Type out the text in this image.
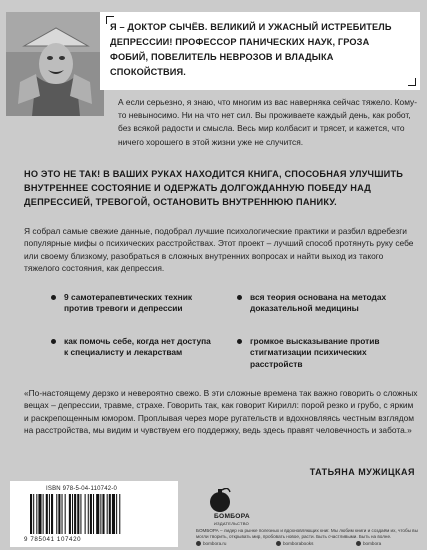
Я – ДОКТОР СЫЧЁВ. ВЕЛИКИЙ И УЖАСНЫЙ ИСТРЕБИТЕЛЬ ДЕПРЕССИИ! ПРОФЕССОР ПАНИЧЕСКИХ НАУК, ГРОЗА ФОБИЙ, ПОВЕЛИТЕЛЬ НЕВРОЗОВ И ВЛАДЫКА СПОКОЙСТВИЯ.

А если серьезно, я знаю, что многим из вас наверняка сейчас тяжело. Кому-то невыносимо. Ни на что нет сил. Вы проживаете каждый день, как робот, без всякой радости и смысла. Весь мир колбасит и трясет, и кажется, что ничего хорошего в этой жизни уже не случится.

НО ЭТО НЕ ТАК! В ВАШИХ РУКАХ НАХОДИТСЯ КНИГА, СПОСОБНАЯ УЛУЧШИТЬ ВНУТРЕННЕЕ СОСТОЯНИЕ И ОДЕРЖАТЬ ДОЛГОЖДАННУЮ ПОБЕДУ НАД ДЕПРЕССИЕЙ, ТРЕВОГОЙ, ОСТАНОВИТЬ ВНУТРЕННЮЮ ПАНИКУ.

Я собрал самые свежие данные, подобрал лучшие психологические практики и разбил вдребезги популярные мифы о психических расстройствах. Этот проект – лучший способ протянуть руку себе или своему близкому, разобраться в сложных внутренних вопросах и найти выход из такого тяжелого состояния, как депрессия.

9 самотерапевтических техник против тревоги и депрессии
вся теория основана на методах доказательной медицины
как помочь себе, когда нет доступа к специалисту и лекарствам
громкое высказывание против стигматизации психических расстройств

«По-настоящему дерзко и невероятно свежо. В эти сложные времена так важно говорить о сложных вещах – депрессии, травме, страхе. Говорить так, как говорит Кирилл: порой резко и грубо, с ярким и раскрепощенным юмором. Проплывая через море ругательств и вдохновляясь честным взглядом на расстройства, мы видим и чувствуем его поддержку, ведь здесь правят человечность и забота.»

ТАТЬЯНА МУЖИЦКАЯ
ISBN 978-5-04-110742-0
9 785041 107420
БОМБОРА
ИЗДАТЕЛЬСТВО

БОМБОРА – лидер на рынке полезных и вдохновляющих книг. Мы любим книги и создаём их, чтобы вы могли творить, открывать мир, пробовать новое, расти. Быть счастливыми. Быть на волне.

bombora.ru	bomborabooks	bombora
